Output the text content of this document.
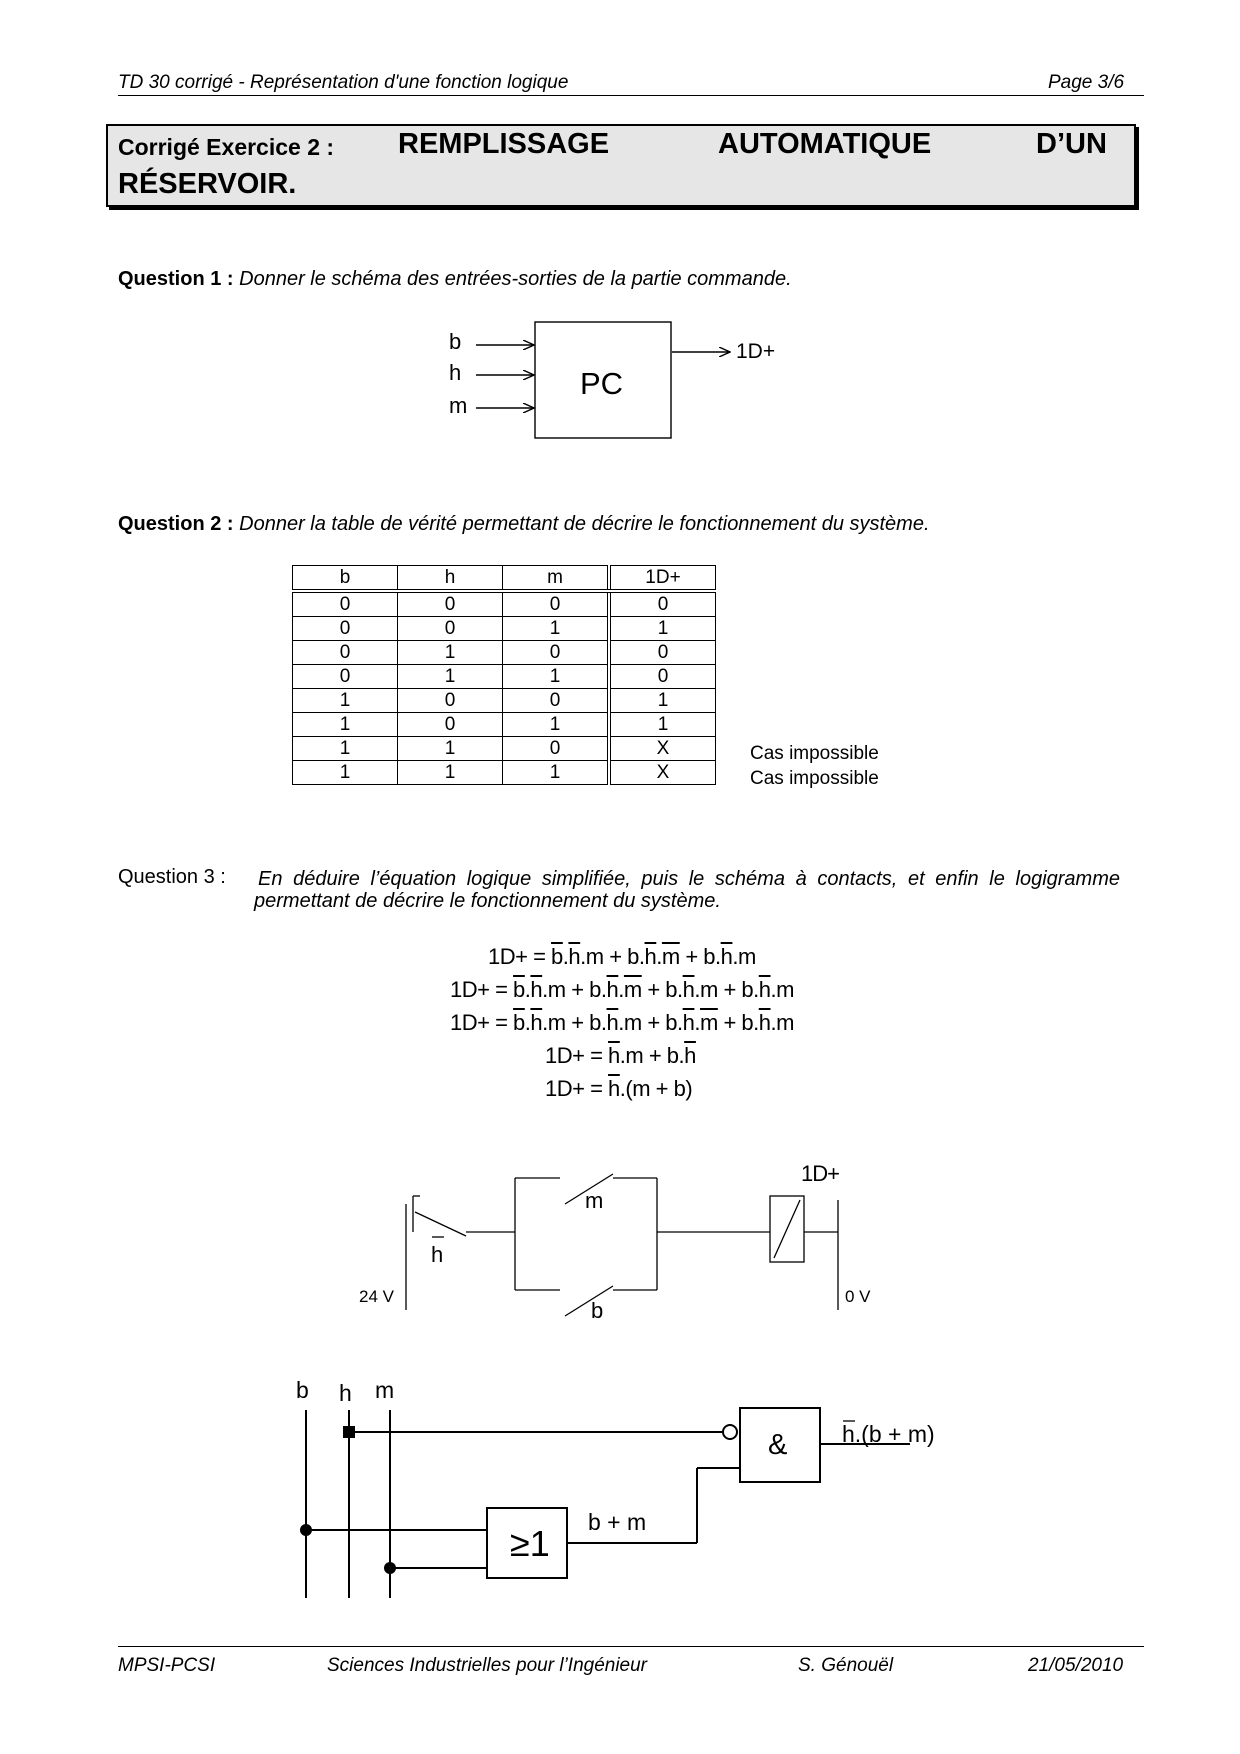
TD 30 corrigé - Représentation d'une fonction logique	Page 3/6
Corrigé Exercice 2 : REMPLISSAGE	AUTOMATIQUE	D’UN
RÉSERVOIR.
Question 1 : Donner le schéma des entrées-sorties de la partie commande.
PC
b
h
m
1D+
h
m
b
1D+
24 V	0 V
b h m
&
≥1
b + m
h.(b + m)
Question 2 : Donner la table de vérité permettant de décrire le fonctionnement du système.
b	h	m	1D+
0	0	0	0
0	0	1	1
0	1	0	0
0	1	1	0
1	0	0	1
1	0	1	1
1	1	0	X
1	1	1	X
Cas impossible
Cas impossible
Question 3 : En déduire l’équation logique simplifiée, puis le schéma à contacts, et enfin le logigramme
permettant de décrire le fonctionnement du système.
$1D+ = \overline{b}.\overline{h}.m + b.\overline{h}.\overline{m} + b.\overline{h}.m$
$1D+ = \overline{b}.\overline{h}.m + b.\overline{h}.\overline{m} + b.\overline{h}.m + b.\overline{h}.m$
$1D+ = \overline{b}.\overline{h}.m + b.\overline{h}.m + b.\overline{h}.\overline{m} + b.\overline{h}.m$
$1D+ = \overline{h}.m + b.\overline{h}$
$1D+ = \overline{h}.(m + b)$
MPSI-PCSI	Sciences Industrielles pour l’Ingénieur	S. Génouël	21/05/2010
